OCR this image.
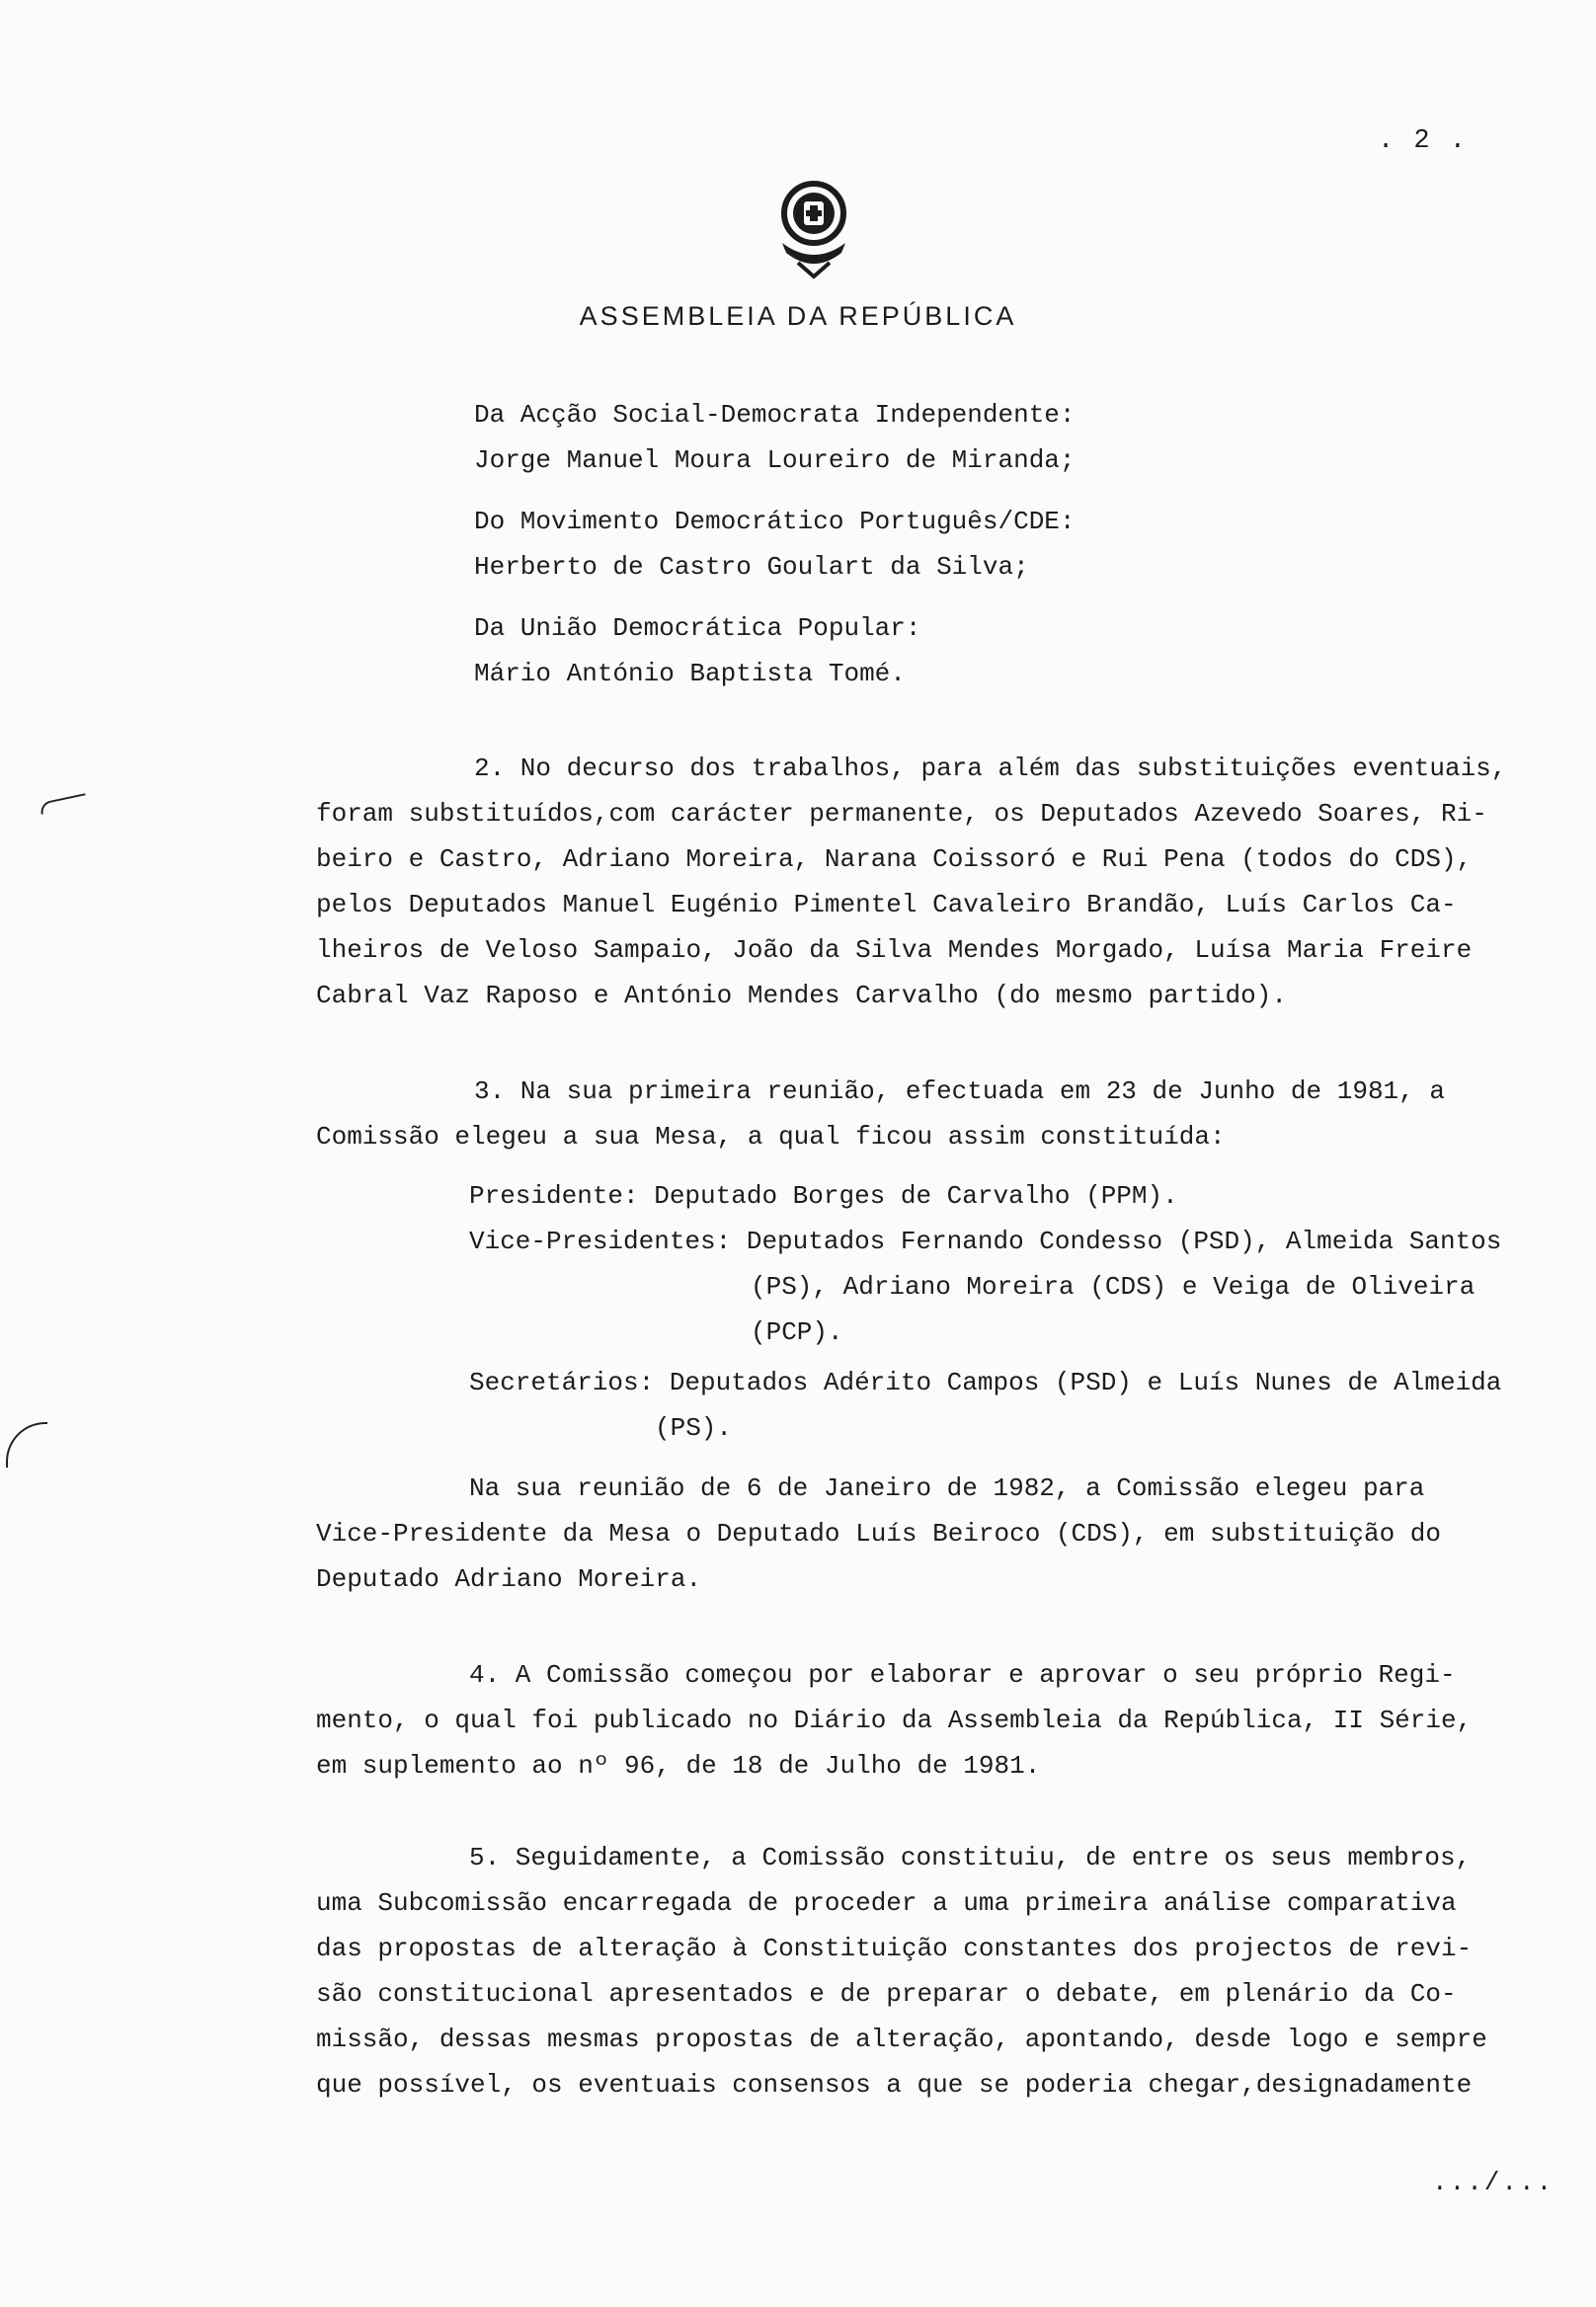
. 2 .
ASSEMBLEIA DA REPÚBLICA
Da Acção Social-Democrata Independente:
Jorge Manuel Moura Loureiro de Miranda;
Do Movimento Democrático Português/CDE:
Herberto de Castro Goulart da Silva;
Da União Democrática Popular:
Mário António Baptista Tomé.
2. No decurso dos trabalhos, para além das substituições eventuais,
foram substituídos,com carácter permanente, os Deputados Azevedo Soares, Ri-
beiro e Castro, Adriano Moreira, Narana Coissoró e Rui Pena (todos do CDS),
pelos Deputados Manuel Eugénio Pimentel Cavaleiro Brandão, Luís Carlos Ca-
lheiros de Veloso Sampaio, João da Silva Mendes Morgado, Luísa Maria Freire
Cabral Vaz Raposo e António Mendes Carvalho (do mesmo partido).
3. Na sua primeira reunião, efectuada em 23 de Junho de 1981, a
Comissão elegeu a sua Mesa, a qual ficou assim constituída:
Presidente: Deputado Borges de Carvalho (PPM).
Vice-Presidentes: Deputados Fernando Condesso (PSD), Almeida Santos
(PS), Adriano Moreira (CDS) e Veiga de Oliveira
(PCP).
Secretários: Deputados Adérito Campos (PSD) e Luís Nunes de Almeida
(PS).
Na sua reunião de 6 de Janeiro de 1982, a Comissão elegeu para
Vice-Presidente da Mesa o Deputado Luís Beiroco (CDS), em substituição do
Deputado Adriano Moreira.
4. A Comissão começou por elaborar e aprovar o seu próprio Regi-
mento, o qual foi publicado no Diário da Assembleia da República, II Série,
em suplemento ao nº 96, de 18 de Julho de 1981.
5. Seguidamente, a Comissão constituiu, de entre os seus membros,
uma Subcomissão encarregada de proceder a uma primeira análise comparativa
das propostas de alteração à Constituição constantes dos projectos de revi-
são constitucional apresentados e de preparar o debate, em plenário da Co-
missão, dessas mesmas propostas de alteração, apontando, desde logo e sempre
que possível, os eventuais consensos a que se poderia chegar,designadamente
.../...
